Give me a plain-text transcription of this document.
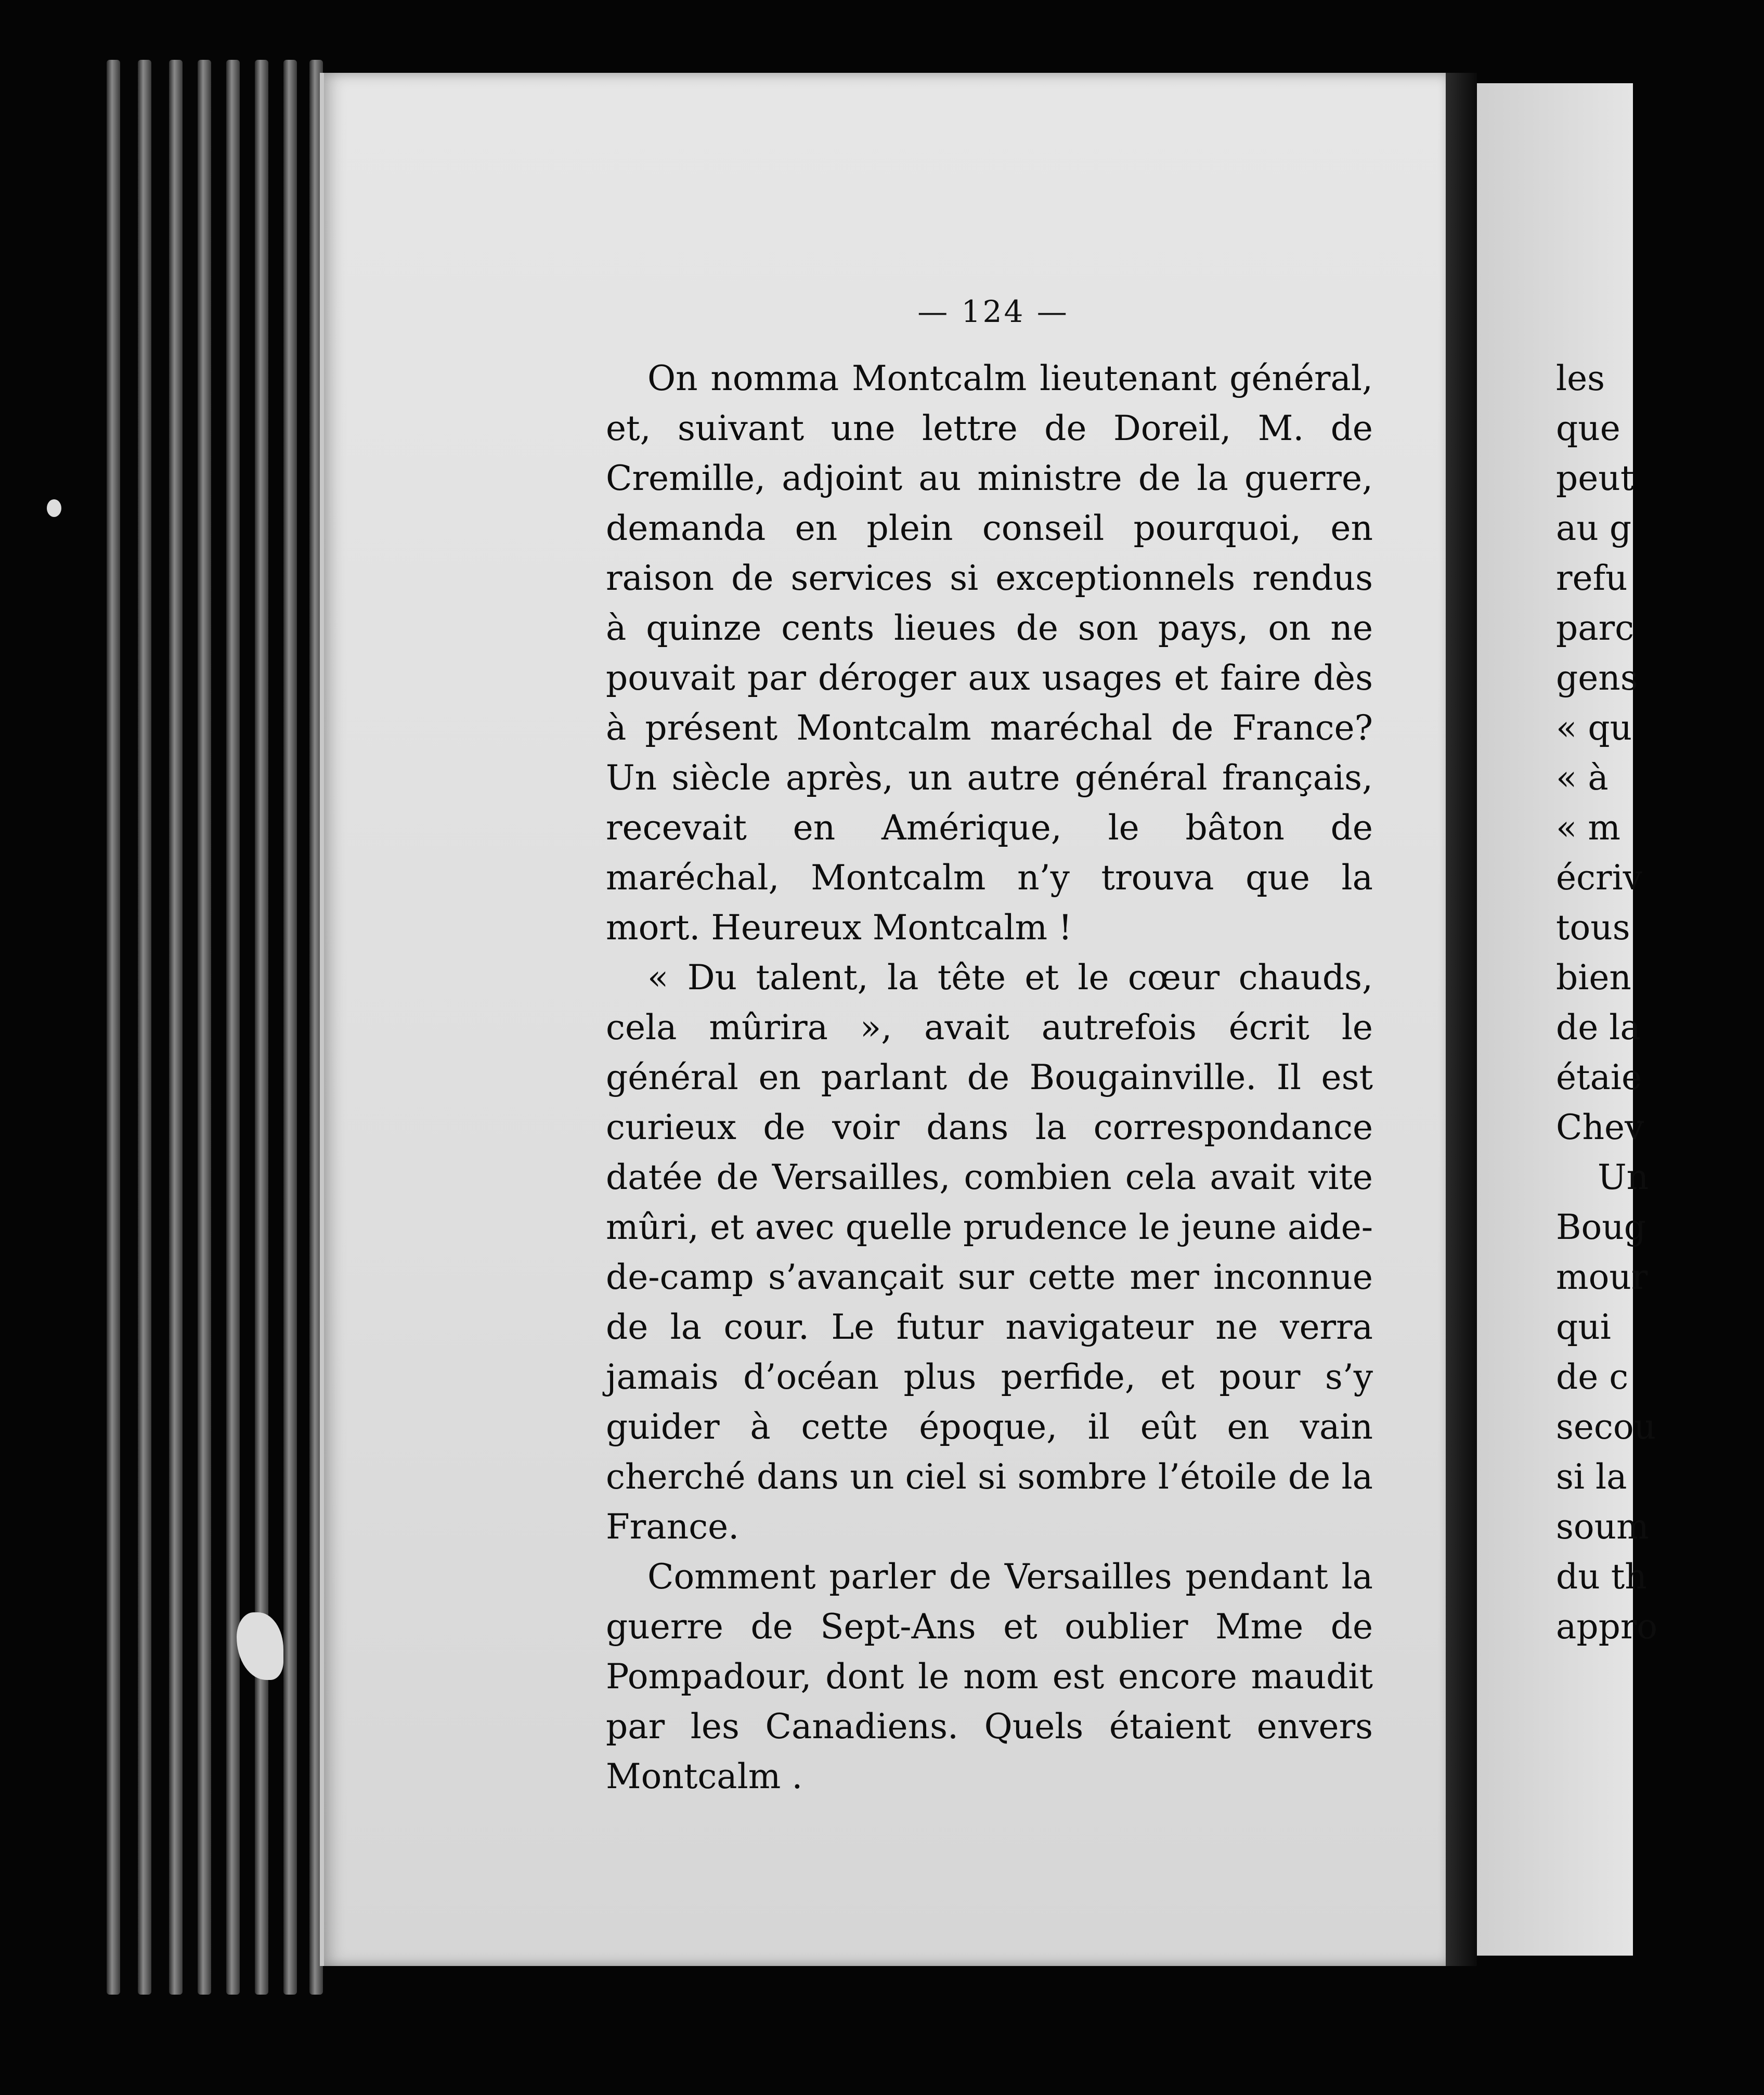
— 124 —

On nomma Montcalm lieutenant général, et, suivant une lettre de Doreil, M. de Cremille, adjoint au ministre de la guerre, demanda en plein conseil pourquoi, en raison de services si exceptionnels rendus à quinze cents lieues de son pays, on ne pouvait par déroger aux usages et faire dès à présent Montcalm maréchal de France? Un siècle après, un autre général français, recevait en Amérique, le bâton de maréchal, Montcalm n’y trouva que la mort. Heureux Montcalm !

« Du talent, la tête et le cœur chauds, cela mûrira », avait autrefois écrit le général en parlant de Bougainville. Il est curieux de voir dans la correspondance datée de Versailles, combien cela avait vite mûri, et avec quelle prudence le jeune aide-de-camp s’avançait sur cette mer inconnue de la cour. Le futur navigateur ne verra jamais d’océan plus perfide, et pour s’y guider à cette époque, il eût en vain cherché dans un ciel si sombre l’étoile de la France.

Comment parler de Versailles pendant la guerre de Sept-Ans et oublier Mme de Pompadour, dont le nom est encore maudit par les Canadiens. Quels étaient envers Montcalm .

les
que
peut
au g
refu
parc
gens
« qu
« à
« m
écriv
tous
bien
de la
étaie
Chev
Un
Boug
mour
qui
de c
secou
si la
soum
du th
appro
